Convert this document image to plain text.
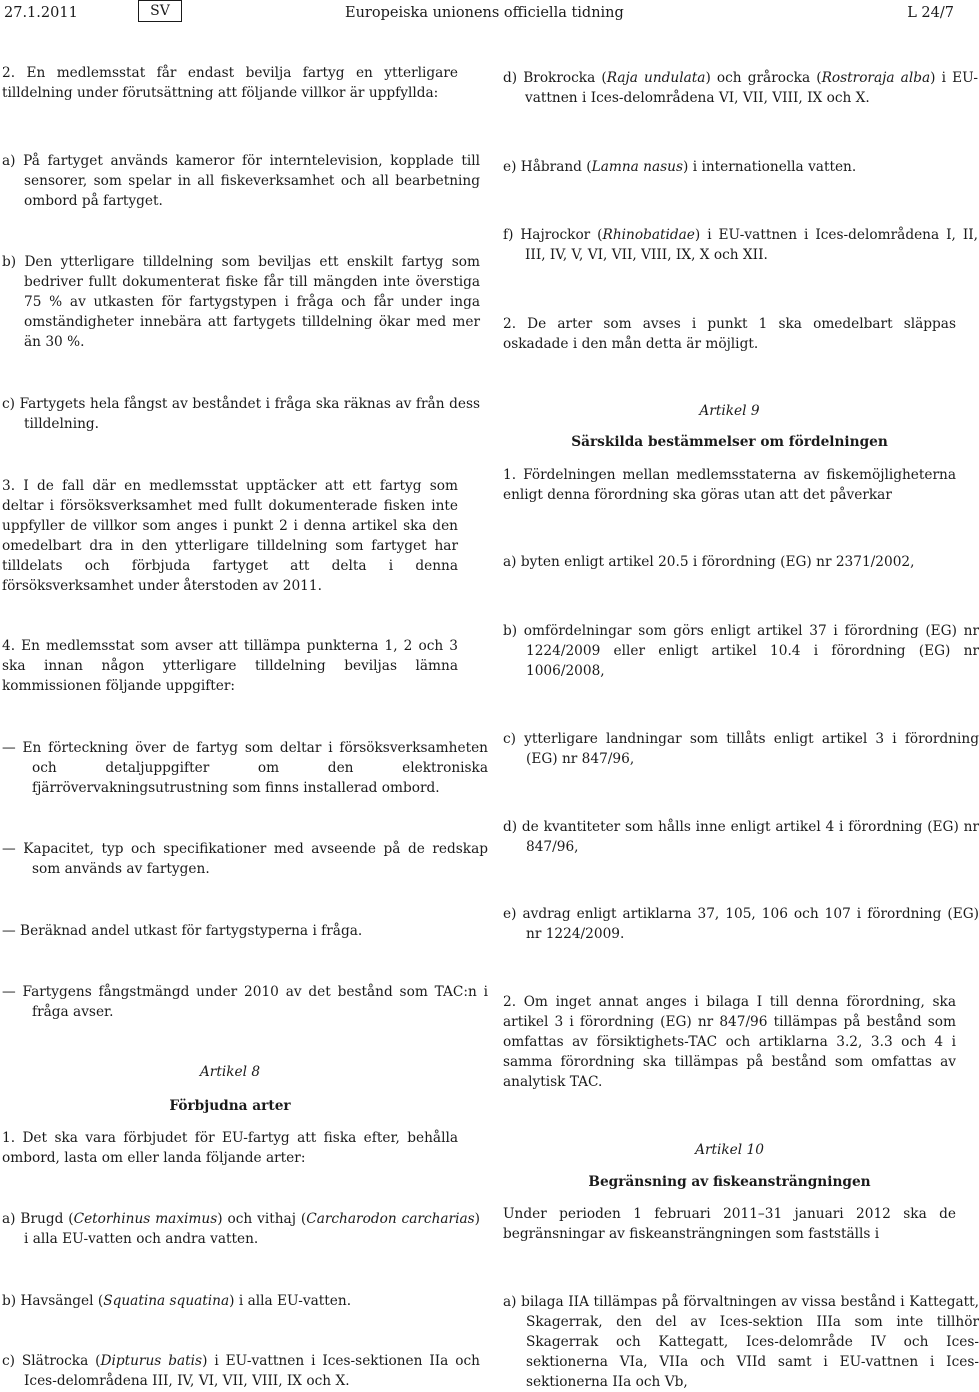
27.1.2011	SV	Europeiska unionens officiella tidning	L 24/7

2. En medlemsstat får endast bevilja fartyg en ytterligare tilldelning under förutsättning att följande villkor är uppfyllda:

a) På fartyget används kameror för interntelevision, kopplade till sensorer, som spelar in all fiskeverksamhet och all bearbetning ombord på fartyget.

b) Den ytterligare tilldelning som beviljas ett enskilt fartyg som bedriver fullt dokumenterat fiske får till mängden inte överstiga 75 % av utkasten för fartygstypen i fråga och får under inga omständigheter innebära att fartygets tilldelning ökar med mer än 30 %.

c) Fartygets hela fångst av beståndet i fråga ska räknas av från dess tilldelning.

3. I de fall där en medlemsstat upptäcker att ett fartyg som deltar i försöksverksamhet med fullt dokumenterade fisken inte uppfyller de villkor som anges i punkt 2 i denna artikel ska den omedelbart dra in den ytterligare tilldelning som fartyget har tilldelats och förbjuda fartyget att delta i denna försöksverksamhet under återstoden av 2011.

4. En medlemsstat som avser att tillämpa punkterna 1, 2 och 3 ska innan någon ytterligare tilldelning beviljas lämna kommissionen följande uppgifter:

— En förteckning över de fartyg som deltar i försöksverksamheten och detaljuppgifter om den elektroniska fjärrövervakningsutrustning som finns installerad ombord.

— Kapacitet, typ och specifikationer med avseende på de redskap som används av fartygen.

— Beräknad andel utkast för fartygstyperna i fråga.

— Fartygens fångstmängd under 2010 av det bestånd som TAC:n i fråga avser.

Artikel 8

Förbjudna arter

1. Det ska vara förbjudet för EU-fartyg att fiska efter, behålla ombord, lasta om eller landa följande arter:

a) Brugd (Cetorhinus maximus) och vithaj (Carcharodon carcharias) i alla EU-vatten och andra vatten.

b) Havsängel (Squatina squatina) i alla EU-vatten.

c) Slätrocka (Dipturus batis) i EU-vattnen i Ices-sektionen IIa och Ices-delområdena III, IV, VI, VII, VIII, IX och X.

d) Brokrocka (Raja undulata) och grårocka (Rostroraja alba) i EU-vattnen i Ices-delområdena VI, VII, VIII, IX och X.

e) Håbrand (Lamna nasus) i internationella vatten.

f) Hajrockor (Rhinobatidae) i EU-vattnen i Ices-delområdena I, II, III, IV, V, VI, VII, VIII, IX, X och XII.

2. De arter som avses i punkt 1 ska omedelbart släppas oskadade i den mån detta är möjligt.

Artikel 9

Särskilda bestämmelser om fördelningen

1. Fördelningen mellan medlemsstaterna av fiskemöjligheterna enligt denna förordning ska göras utan att det påverkar

a) byten enligt artikel 20.5 i förordning (EG) nr 2371/2002,

b) omfördelningar som görs enligt artikel 37 i förordning (EG) nr 1224/2009 eller enligt artikel 10.4 i förordning (EG) nr 1006/2008,

c) ytterligare landningar som tillåts enligt artikel 3 i förordning (EG) nr 847/96,

d) de kvantiteter som hålls inne enligt artikel 4 i förordning (EG) nr 847/96,

e) avdrag enligt artiklarna 37, 105, 106 och 107 i förordning (EG) nr 1224/2009.

2. Om inget annat anges i bilaga I till denna förordning, ska artikel 3 i förordning (EG) nr 847/96 tillämpas på bestånd som omfattas av försiktighets-TAC och artiklarna 3.2, 3.3 och 4 i samma förordning ska tillämpas på bestånd som omfattas av analytisk TAC.

Artikel 10

Begränsning av fiskeansträngningen

Under perioden 1 februari 2011–31 januari 2012 ska de begränsningar av fiskeansträngningen som fastställs i

a) bilaga IIA tillämpas på förvaltningen av vissa bestånd i Kattegatt, Skagerrak, den del av Ices-sektion IIIa som inte tillhör Skagerrak och Kattegatt, Ices-delområde IV och Ices-sektionerna VIa, VIIa och VIId samt i EU-vattnen i Ices-sektionerna IIa och Vb,
